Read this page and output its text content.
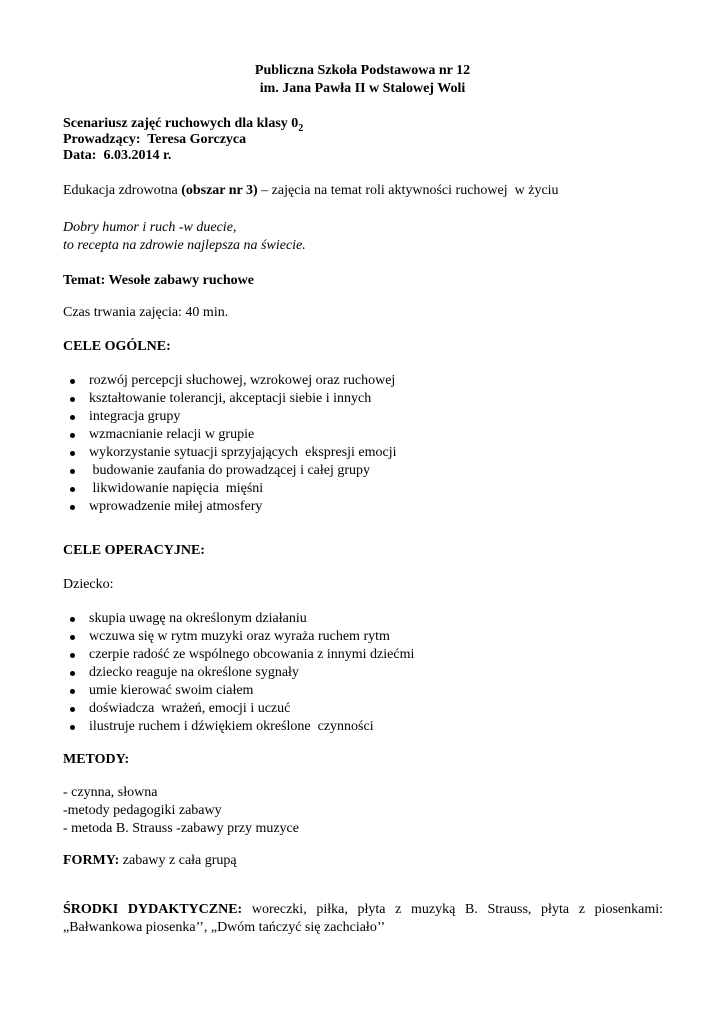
Publiczna Szkoła Podstawowa nr 12
im. Jana Pawła II w Stalowej Woli
Scenariusz zajęć ruchowych dla klasy $0_2$
Prowadzący: Teresa Gorczyca
Data: 6.03.2014 r.
Edukacja zdrowotna (obszar nr 3) – zajęcia na temat roli aktywności ruchowej  w życiu
Dobry humor i ruch -w duecie,
to recepta na zdrowie najlepsza na świecie.
Temat: Wesołe zabawy ruchowe
Czas trwania zajęcia: 40 min.
CELE OGÓLNE:
rozwój percepcji słuchowej, wzrokowej oraz ruchowej
kształtowanie tolerancji, akceptacji siebie i innych
integracja grupy
wzmacnianie relacji w grupie
wykorzystanie sytuacji sprzyjających  ekspresji emocji
budowanie zaufania do prowadzącej i całej grupy
likwidowanie napięcia  mięśni
wprowadzenie miłej atmosfery
CELE OPERACYJNE:
Dziecko:
skupia uwagę na określonym działaniu
wczuwa się w rytm muzyki oraz wyraża ruchem rytm
czerpie radość ze wspólnego obcowania z innymi dziećmi
dziecko reaguje na określone sygnały
umie kierować swoim ciałem
doświadcza  wrażeń, emocji i uczuć
ilustruje ruchem i dźwiękiem określone  czynności
METODY:
- czynna, słowna
-metody pedagogiki zabawy
- metoda B. Strauss -zabawy przy muzyce
FORMY: zabawy z cała grupą
ŚRODKI DYDAKTYCZNE: woreczki, piłka, płyta z muzyką B. Strauss, płyta z piosenkami: „Bałwankowa piosenka’’, „Dwóm tańczyć się zachciało’’
